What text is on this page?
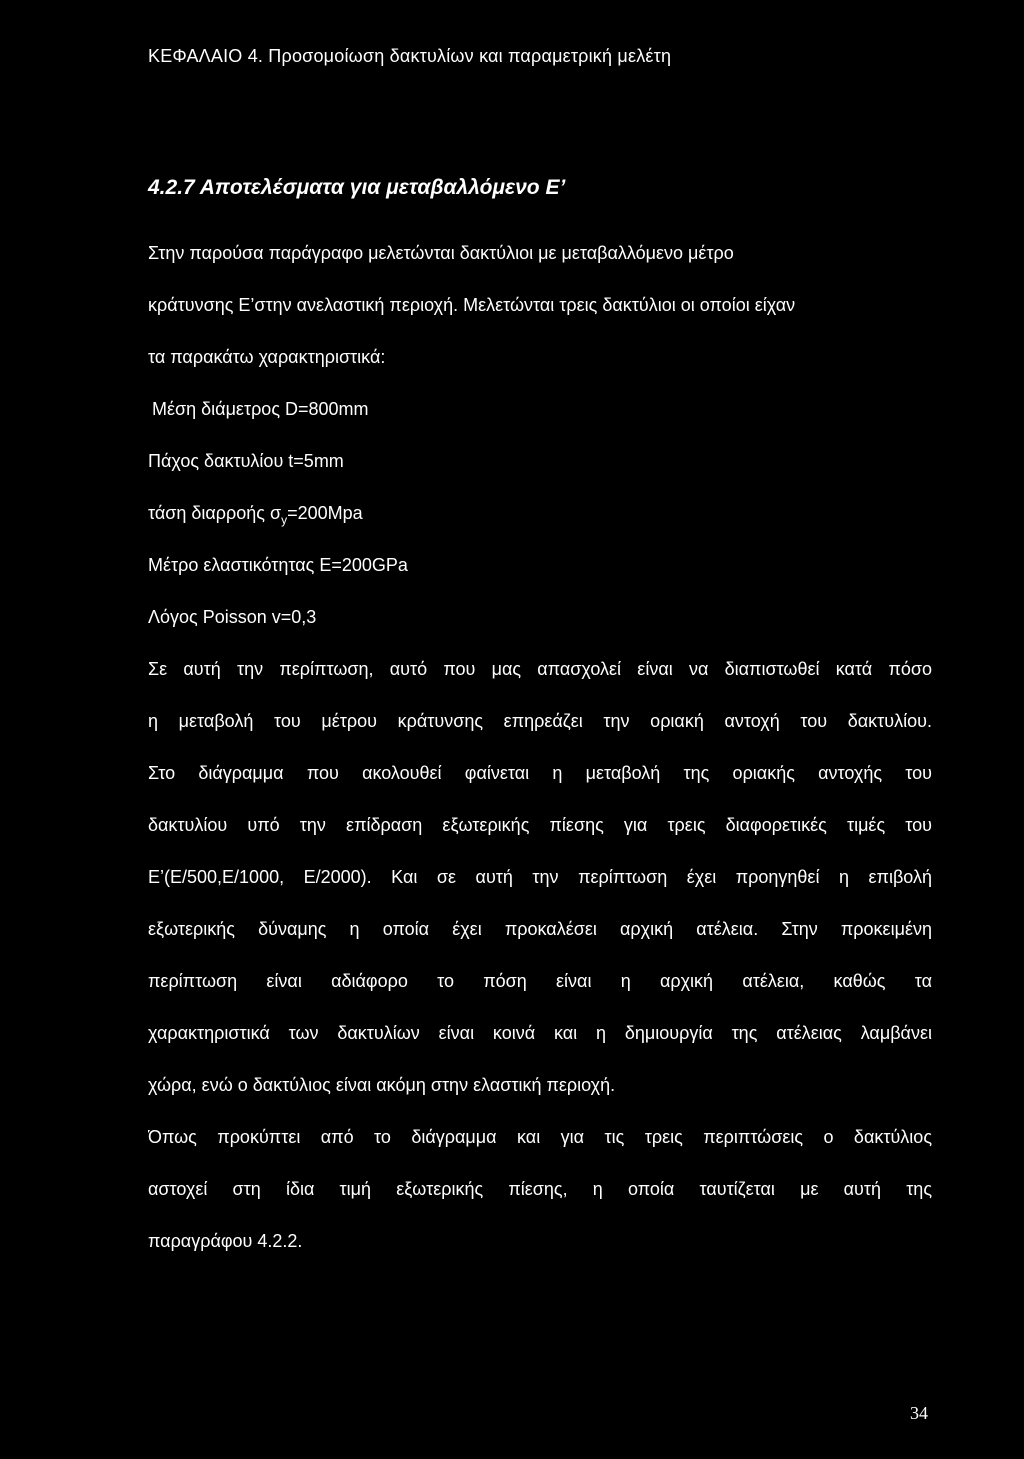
ΚΕΦΑΛΑΙΟ 4. Προσομοίωση δακτυλίων και παραμετρική μελέτη
4.2.7 Αποτελέσματα για μεταβαλλόμενο Ε’
Στην παρούσα παράγραφο μελετώνται δακτύλιοι με μεταβαλλόμενο μέτρο
κράτυνσης Ε’στην ανελαστική περιοχή. Μελετώνται τρεις δακτύλιοι οι οποίοι είχαν
τα παρακάτω χαρακτηριστικά:
Μέση διάμετρος D=800mm
Πάχος δακτυλίου t=5mm
τάση διαρροής $\sigma_y=200Mpa$
Μέτρο ελαστικότητας E=200GPa
Λόγος Poisson v=0,3
Σε αυτή την περίπτωση, αυτό που μας απασχολεί είναι να διαπιστωθεί κατά πόσο
η μεταβολή του μέτρου κράτυνσης επηρεάζει την οριακή αντοχή του δακτυλίου.
Στο διάγραμμα που ακολουθεί φαίνεται η μεταβολή της οριακής αντοχής του
δακτυλίου υπό την επίδραση εξωτερικής πίεσης για τρεις διαφορετικές τιμές του
Ε’(Ε/500,Ε/1000, Ε/2000). Και σε αυτή την περίπτωση έχει προηγηθεί η επιβολή
εξωτερικής δύναμης η οποία έχει προκαλέσει αρχική ατέλεια. Στην προκειμένη
περίπτωση είναι αδιάφορο το πόση είναι η αρχική ατέλεια, καθώς τα
χαρακτηριστικά των δακτυλίων είναι κοινά και η δημιουργία της ατέλειας λαμβάνει
χώρα, ενώ ο δακτύλιος είναι ακόμη στην ελαστική περιοχή.
Όπως προκύπτει από το διάγραμμα και για τις τρεις περιπτώσεις ο δακτύλιος
αστοχεί στη ίδια τιμή εξωτερικής πίεσης, η οποία ταυτίζεται με αυτή της
παραγράφου 4.2.2.
34
